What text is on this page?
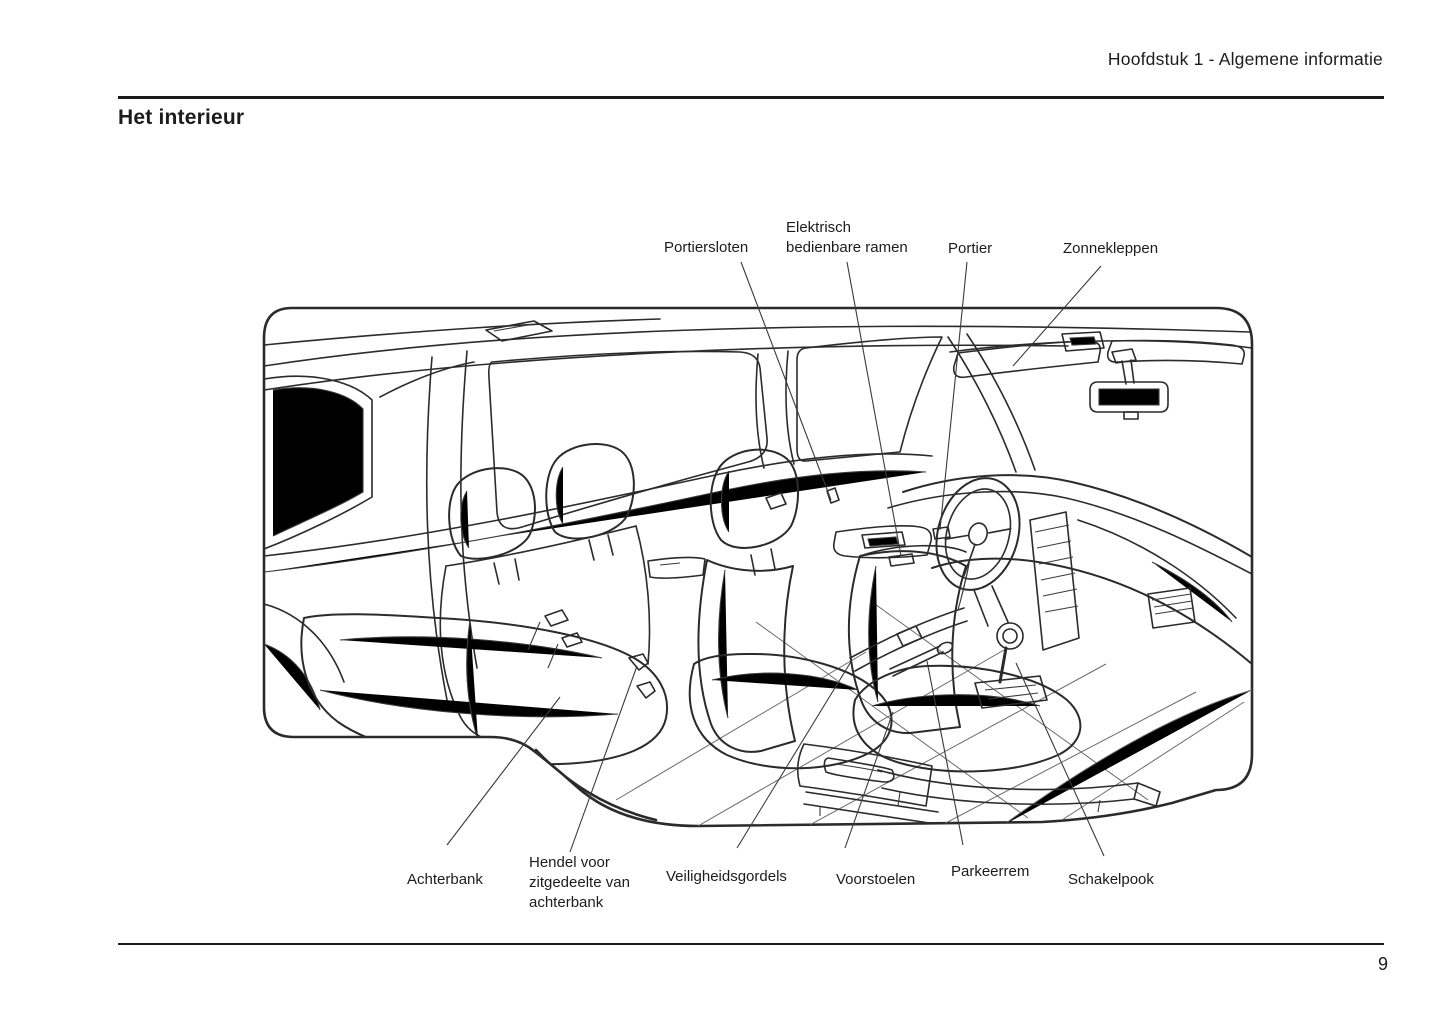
Hoofdstuk 1 - Algemene informatie
Het interieur
Portiersloten
Elektrisch
bedienbare ramen	Portier	Zonnekleppen
Achterbank
Hendel voor
zitgedeelte van
achterbank
Veiligheidsgordels	Voorstoelen Parkeerrem	Schakelpook
9
